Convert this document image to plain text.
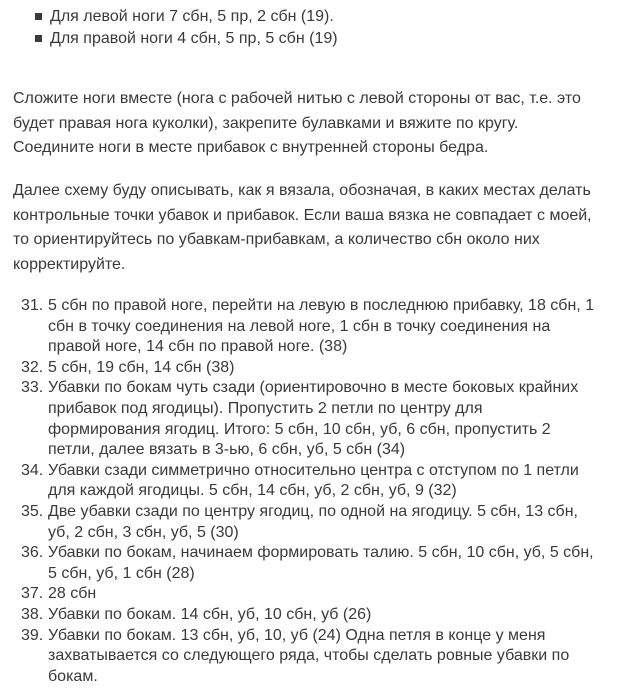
Для левой ноги 7 сбн, 5 пр, 2 сбн (19).
Для правой ноги 4 сбн, 5 пр, 5 сбн (19)

Сложите ноги вместе (нога с рабочей нитью с левой стороны от вас, т.е. это
будет правая нога куколки), закрепите булавками и вяжите по кругу.
Соедините ноги в месте прибавок с внутренней стороны бедра.

Далее схему буду описывать, как я вязала, обозначая, в каких местах делать
контрольные точки убавок и прибавок. Если ваша вязка не совпадает с моей,
то ориентируйтесь по убавкам-прибавкам, а количество сбн около них
корректируйте.

31. 5 сбн по правой ноге, перейти на левую в последнюю прибавку, 18 сбн, 1
сбн в точку соединения на левой ноге, 1 сбн в точку соединения на
правой ноге, 14 сбн по правой ноге. (38)
32. 5 сбн, 19 сбн, 14 сбн (38)
33. Убавки по бокам чуть сзади (ориентировочно в месте боковых крайних
прибавок под ягодицы). Пропустить 2 петли по центру для
формирования ягодиц. Итого: 5 сбн, 10 сбн, уб, 6 сбн, пропустить 2
петли, далее вязать в 3-ью, 6 сбн, уб, 5 сбн (34)
34. Убавки сзади симметрично относительно центра с отступом по 1 петли
для каждой ягодицы. 5 сбн, 14 сбн, уб, 2 сбн, уб, 9 (32)
35. Две убавки сзади по центру ягодиц, по одной на ягодицу. 5 сбн, 13 сбн,
уб, 2 сбн, 3 сбн, уб, 5 (30)
36. Убавки по бокам, начинаем формировать талию. 5 сбн, 10 сбн, уб, 5 сбн,
5 сбн, уб, 1 сбн (28)
37. 28 сбн
38. Убавки по бокам. 14 сбн, уб, 10 сбн, уб (26)
39. Убавки по бокам. 13 сбн, уб, 10, уб (24) Одна петля в конце у меня
захватывается со следующего ряда, чтобы сделать ровные убавки по
бокам.
